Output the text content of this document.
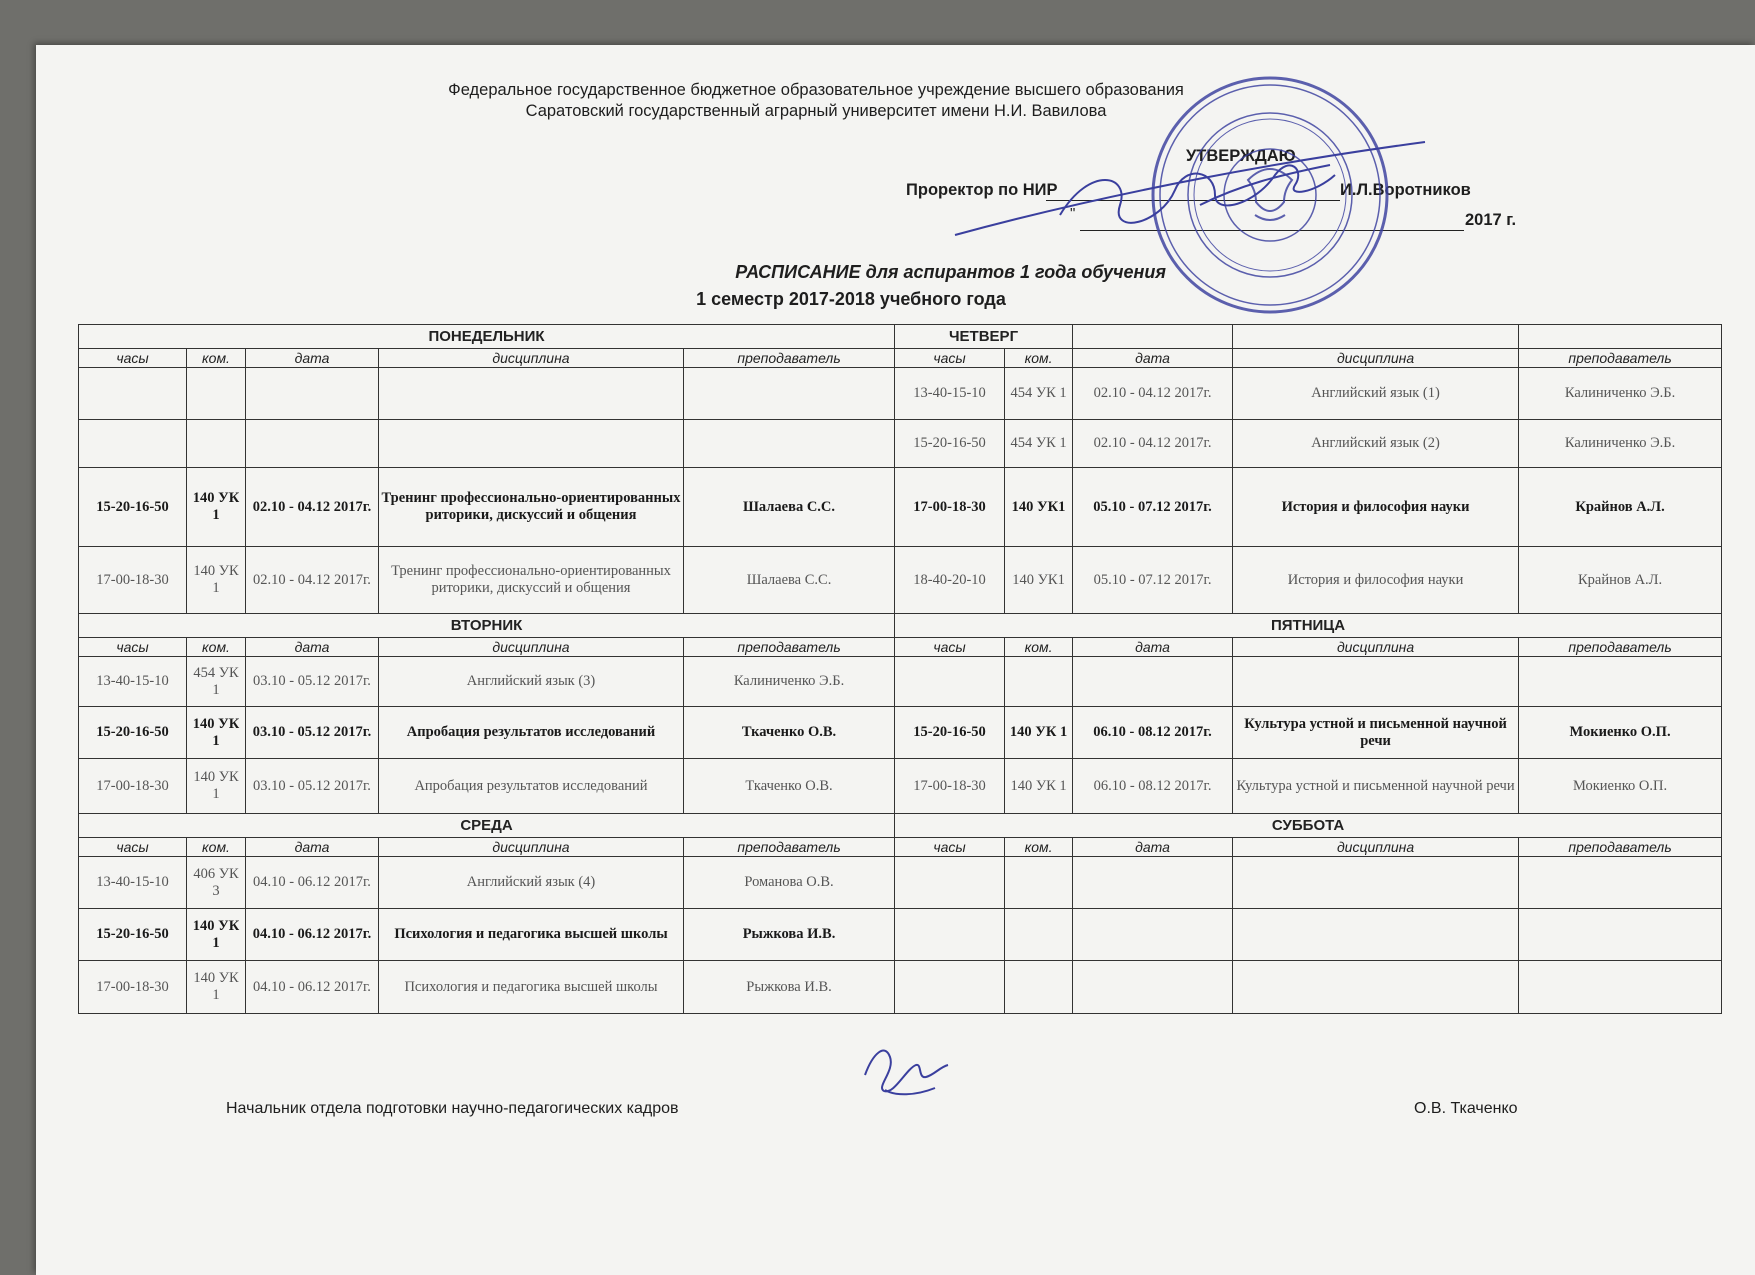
Федеральное государственное бюджетное образовательное учреждение высшего образования
Саратовский государственный аграрный университет имени Н.И. Вавилова
УТВЕРЖДАЮ
Проректор по НИР	И.Л.Воротников
"	2017 г.
РАСПИСАНИЕ для аспирантов 1 года обучения
1 семестр 2017-2018 учебного года
Начальник отдела подготовки научно-педагогических кадров	О.В. Ткаченко
ПОНЕДЕЛЬНИК					ЧЕТВЕРГ				
часы	ком.	дата	дисциплина	преподаватель	часы	ком.	дата	дисциплина	преподаватель
					13-40-15-10	454 УК 1	02.10 - 04.12 2017г.	Английский язык (1)	Калиниченко Э.Б.
					15-20-16-50	454 УК 1	02.10 - 04.12 2017г.	Английский язык (2)	Калиниченко Э.Б.
15-20-16-50	140 УК 1	02.10 - 04.12 2017г.	Тренинг профессионально-ориентированных риторики, дискуссий и общения	Шалаева С.С.	17-00-18-30	140 УК1	05.10 - 07.12 2017г.	История и философия науки	Крайнов А.Л.
17-00-18-30	140 УК 1	02.10 - 04.12 2017г.	Тренинг профессионально-ориентированных риторики, дискуссий и общения	Шалаева С.С.	18-40-20-10	140 УК1	05.10 - 07.12 2017г.	История и философия науки	Крайнов А.Л.
ВТОРНИК					ПЯТНИЦА				
часы	ком.	дата	дисциплина	преподаватель	часы	ком.	дата	дисциплина	преподаватель
13-40-15-10	454 УК 1	03.10 - 05.12 2017г.	Английский язык (3)	Калиниченко Э.Б.					
15-20-16-50	140 УК 1	03.10 - 05.12 2017г.	Апробация результатов исследований	Ткаченко О.В.	15-20-16-50	140 УК 1	06.10 - 08.12 2017г.	Культура устной и письменной научной речи	Мокиенко О.П.
17-00-18-30	140 УК 1	03.10 - 05.12 2017г.	Апробация результатов исследований	Ткаченко О.В.	17-00-18-30	140 УК 1	06.10 - 08.12 2017г.	Культура устной и письменной научной речи	Мокиенко О.П.
СРЕДА					СУББОТА				
часы	ком.	дата	дисциплина	преподаватель	часы	ком.	дата	дисциплина	преподаватель
13-40-15-10	406 УК 3	04.10 - 06.12 2017г.	Английский язык (4)	Романова О.В.					
15-20-16-50	140 УК 1	04.10 - 06.12 2017г.	Психология и педагогика высшей школы	Рыжкова И.В.					
17-00-18-30	140 УК 1	04.10 - 06.12 2017г.	Психология и педагогика высшей школы	Рыжкова И.В.					
